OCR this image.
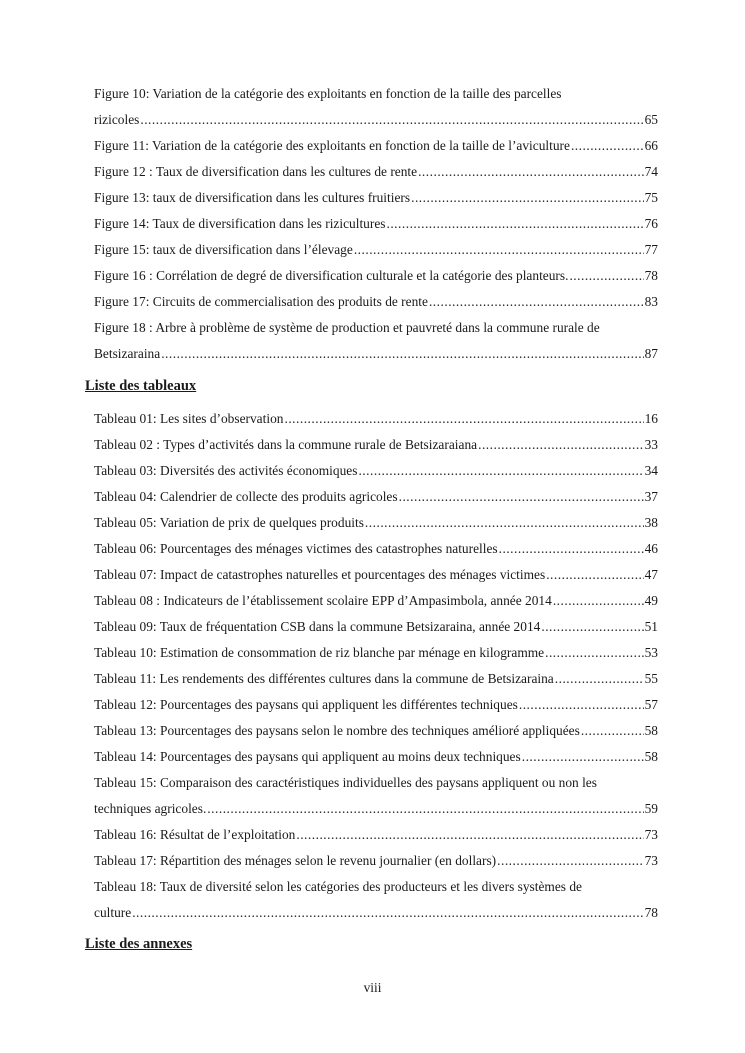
Figure 10: Variation de la catégorie des exploitants en fonction de la taille des parcelles
rizicoles .....	65
Figure 11: Variation de la catégorie des exploitants en fonction de la taille de l’aviculture .....	66
Figure 12 : Taux de diversification dans les cultures de rente .....	74
Figure 13: taux de diversification dans les cultures fruitiers .....	75
Figure 14: Taux de diversification dans les rizicultures .....	76
Figure 15: taux de diversification dans l’élevage .....	77
Figure 16 : Corrélation de degré de diversification culturale et la catégorie des planteurs. .....	78
Figure 17: Circuits de commercialisation des produits de rente .....	83
Figure 18 : Arbre à problème de système de production et pauvreté dans la commune rurale de
Betsizaraina .....	87
Liste des tableaux
Tableau 01: Les sites d’observation .....	16
Tableau 02 : Types d’activités dans la commune rurale de Betsizaraiana .....	33
Tableau 03: Diversités des activités économiques .....	34
Tableau 04: Calendrier de collecte des produits agricoles .....	37
Tableau 05: Variation de prix de quelques produits .....	38
Tableau 06: Pourcentages des ménages victimes des catastrophes naturelles .....	46
Tableau 07: Impact de catastrophes naturelles et pourcentages des ménages victimes .....	47
Tableau 08 : Indicateurs de l’établissement scolaire EPP d’Ampasimbola, année 2014 .....	49
Tableau 09: Taux de fréquentation CSB dans la commune Betsizaraina, année 2014 .....	51
Tableau 10: Estimation de consommation de riz blanche par ménage en kilogramme .....	53
Tableau 11: Les rendements des différentes cultures dans la commune de Betsizaraina .....	55
Tableau 12: Pourcentages des paysans qui appliquent les différentes techniques .....	57
Tableau 13: Pourcentages des paysans selon le nombre des techniques amélioré appliquées .....	58
Tableau 14: Pourcentages des paysans qui appliquent au moins deux techniques .....	58
Tableau 15: Comparaison des caractéristiques individuelles des paysans appliquent ou non les
techniques agricoles. .....	59
Tableau 16: Résultat de l’exploitation .....	73
Tableau 17: Répartition des ménages selon le revenu journalier (en dollars) .....	73
Tableau 18: Taux de diversité selon les catégories des producteurs et les divers systèmes de
culture .....	78
Liste des annexes
viii
